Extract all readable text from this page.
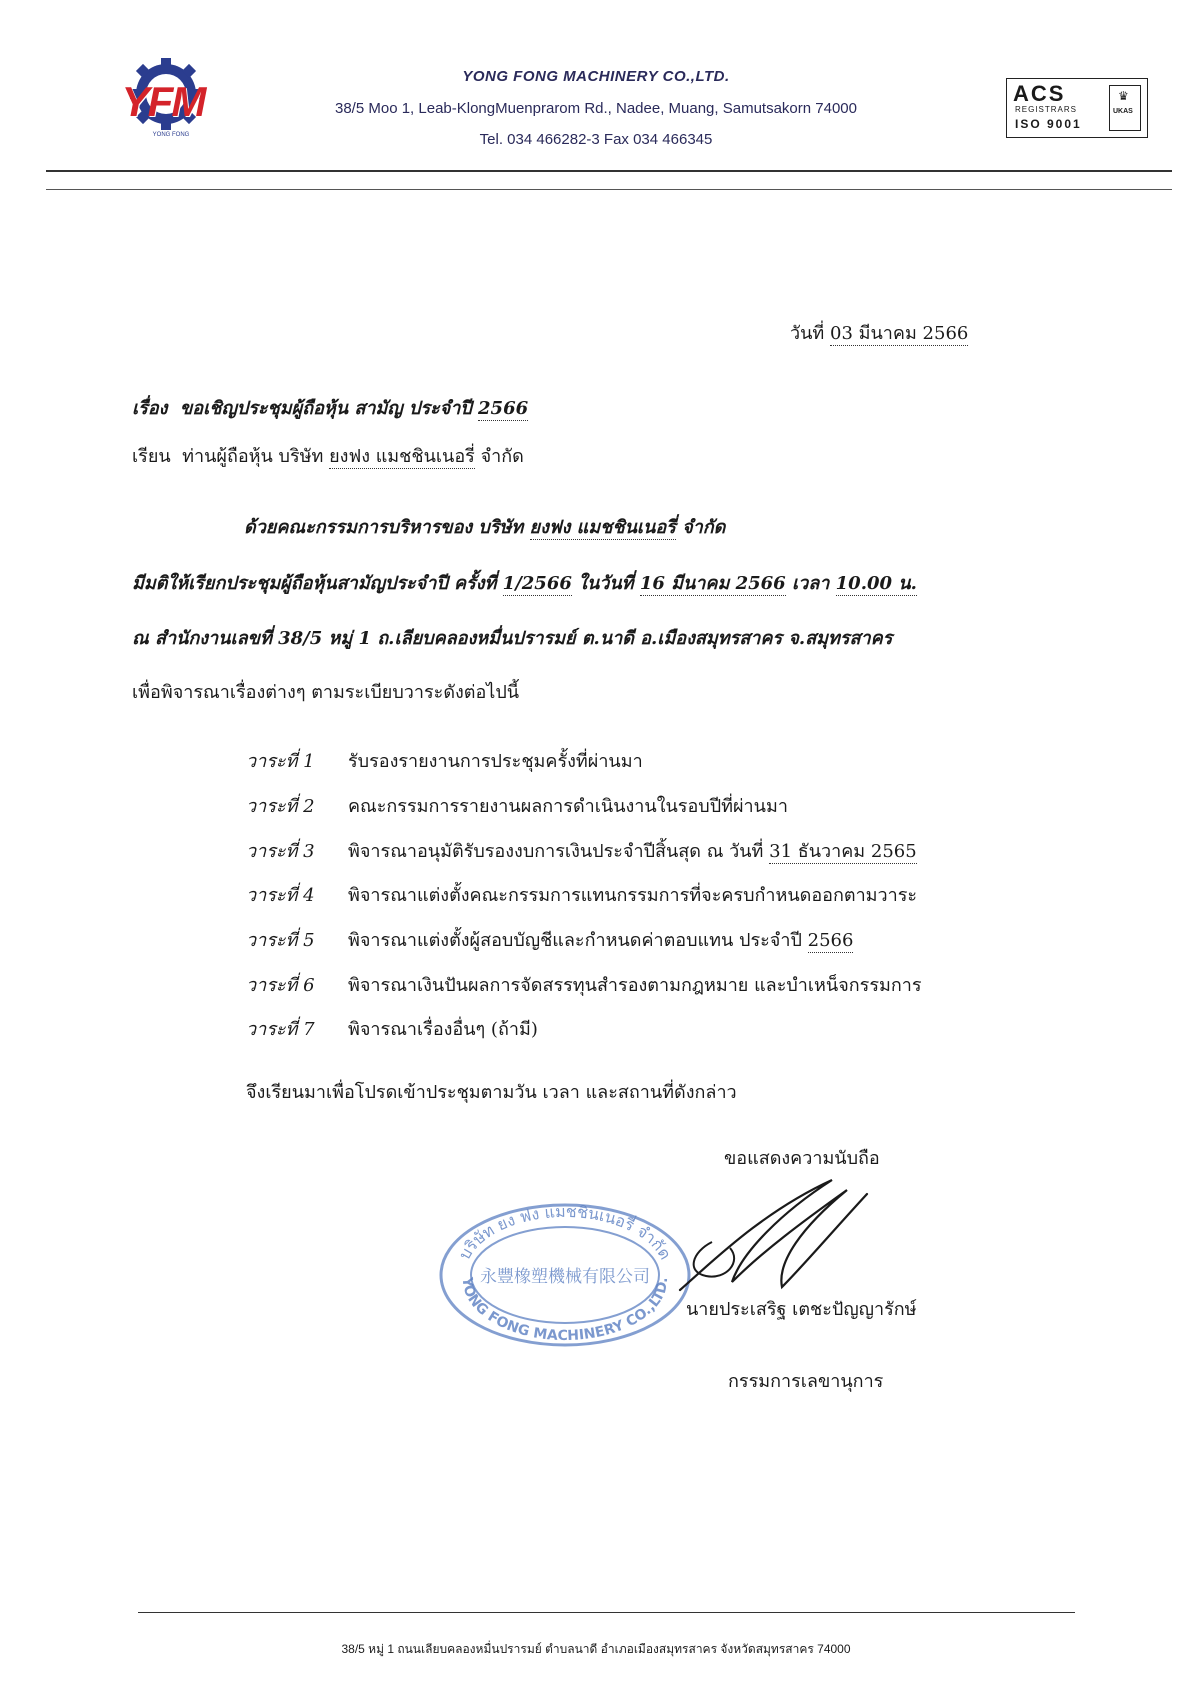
YFM
YONG FONG
YONG FONG MACHINERY CO.,LTD.
38/5 Moo 1, Leab-KlongMuenprarom Rd., Nadee, Muang, Samutsakorn 74000
Tel. 034 466282-3 Fax 034 466345
ACS
REGISTRARS
ISO 9001
♛
UKAS
วันที่ 03 มีนาคม 2566
เรื่อง ขอเชิญประชุมผู้ถือหุ้น สามัญ ประจำปี 2566
เรียน ท่านผู้ถือหุ้น บริษัท ยงฟง แมชชินเนอรี่ จำกัด
ด้วยคณะกรรมการบริหารของ บริษัท ยงฟง แมชชินเนอรี่ จำกัด
มีมติให้เรียกประชุมผู้ถือหุ้นสามัญประจำปี ครั้งที่ 1/2566 ในวันที่ 16 มีนาคม 2566 เวลา 10.00 น.
ณ สำนักงานเลขที่ 38/5 หมู่ 1 ถ.เลียบคลองหมื่นปรารมย์ ต.นาดี อ.เมืองสมุทรสาคร จ.สมุทรสาคร
เพื่อพิจารณาเรื่องต่างๆ ตามระเบียบวาระดังต่อไปนี้
วาระที่ 1 รับรองรายงานการประชุมครั้งที่ผ่านมา
วาระที่ 2 คณะกรรมการรายงานผลการดำเนินงานในรอบปีที่ผ่านมา
วาระที่ 3 พิจารณาอนุมัติรับรองงบการเงินประจำปีสิ้นสุด ณ วันที่ 31 ธันวาคม 2565
วาระที่ 4 พิจารณาแต่งตั้งคณะกรรมการแทนกรรมการที่จะครบกำหนดออกตามวาระ
วาระที่ 5 พิจารณาแต่งตั้งผู้สอบบัญชีและกำหนดค่าตอบแทน ประจำปี 2566
วาระที่ 6 พิจารณาเงินปันผลการจัดสรรทุนสำรองตามกฎหมาย และบำเหน็จกรรมการ
วาระที่ 7 พิจารณาเรื่องอื่นๆ (ถ้ามี)
จึงเรียนมาเพื่อโปรดเข้าประชุมตามวัน เวลา และสถานที่ดังกล่าว
ขอแสดงความนับถือ
บริษัท ยง ฟง แมชชินเนอรี่ จำกัด
YONG FONG MACHINERY CO.,LTD.
永豐橡塑機械有限公司
นายประเสริฐ เตชะปัญญารักษ์
กรรมการเลขานุการ
38/5 หมู่ 1 ถนนเลียบคลองหมื่นปรารมย์ ตำบลนาดี อำเภอเมืองสมุทรสาคร จังหวัดสมุทรสาคร 74000
